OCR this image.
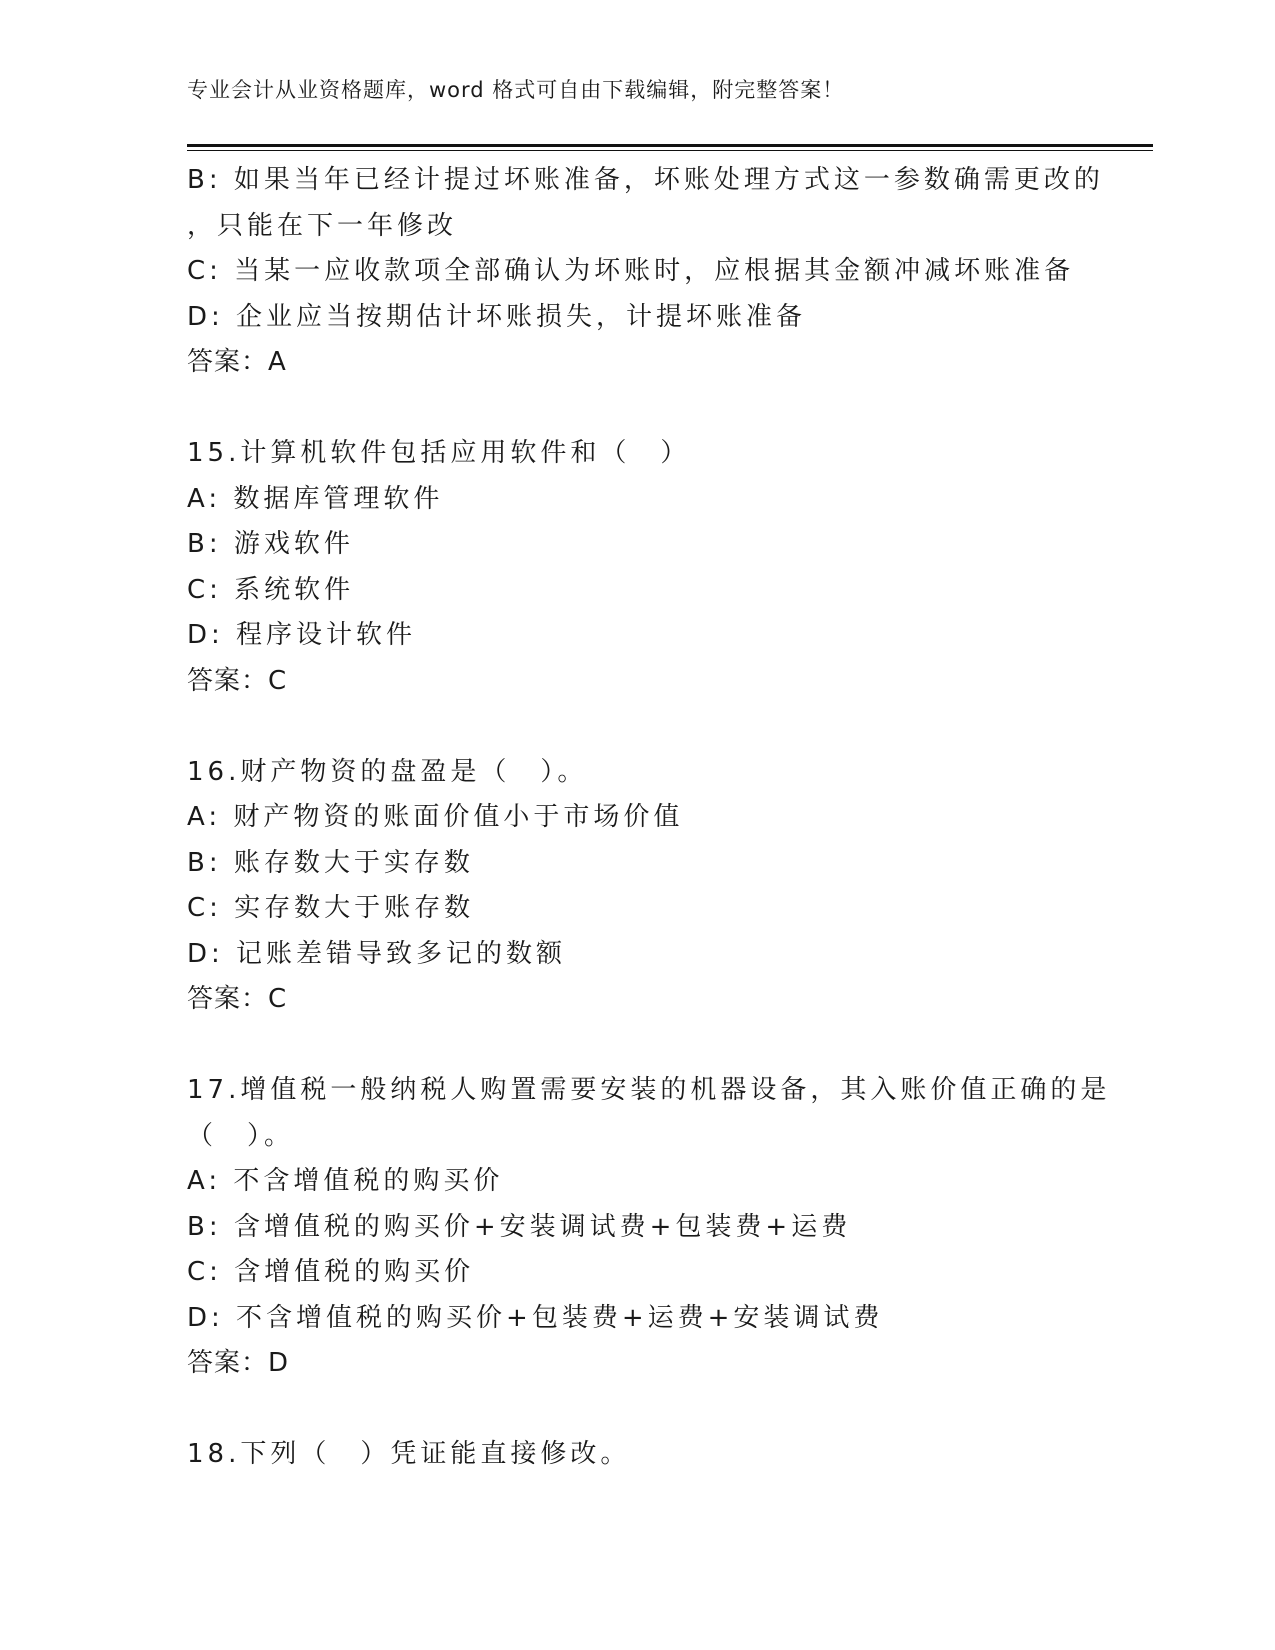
专业会计从业资格题库，word 格式可自由下载编辑，附完整答案！
B: 如果当年已经计提过坏账准备，坏账处理方式这一参数确需更改的
，只能在下一年修改
C: 当某一应收款项全部确认为坏账时，应根据其金额冲减坏账准备
D: 企业应当按期估计坏账损失，计提坏账准备
答案：A
15.计算机软件包括应用软件和（　）
A: 数据库管理软件
B: 游戏软件
C: 系统软件
D: 程序设计软件
答案：C
16.财产物资的盘盈是（　）。
A: 财产物资的账面价值小于市场价值
B: 账存数大于实存数
C: 实存数大于账存数
D: 记账差错导致多记的数额
答案：C
17.增值税一般纳税人购置需要安装的机器设备，其入账价值正确的是
（　）。
A: 不含增值税的购买价
B: 含增值税的购买价+安装调试费+包装费+运费
C: 含增值税的购买价
D: 不含增值税的购买价+包装费+运费+安装调试费
答案：D
18.下列（　）凭证能直接修改。
